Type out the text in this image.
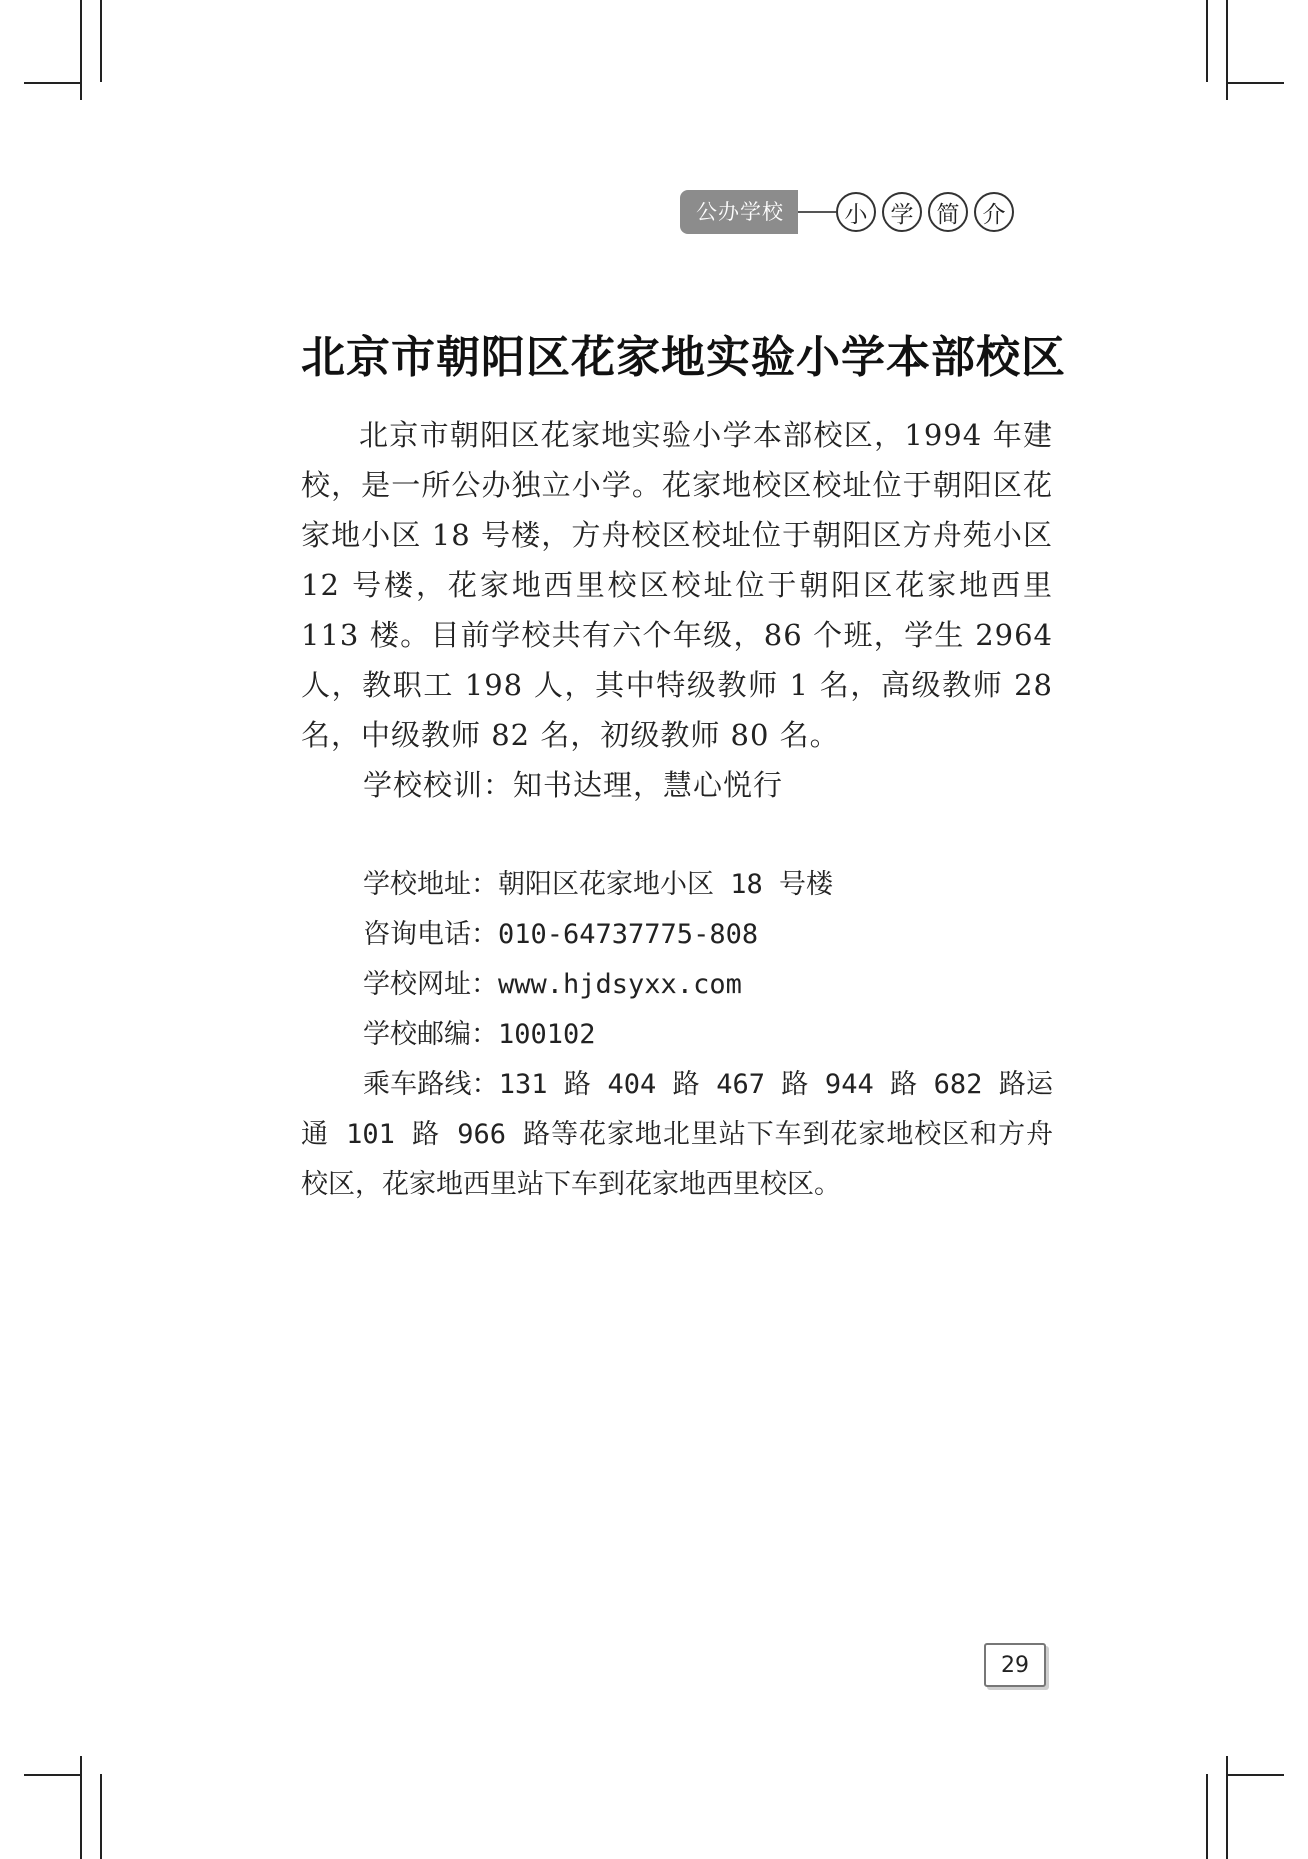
公办学校	小	学	简	介
北京市朝阳区花家地实验小学本部校区
北京市朝阳区花家地实验小学本部校区，1994 年建校，是一所公办独立小学。花家地校区校址位于朝阳区花家地小区 18 号楼，方舟校区校址位于朝阳区方舟苑小区 12 号楼，花家地西里校区校址位于朝阳区花家地西里 113 楼。目前学校共有六个年级，86 个班，学生 2964 人，教职工 198 人，其中特级教师 1 名，高级教师 28 名，中级教师 82 名，初级教师 80 名。
学校校训：知书达理，慧心悦行
学校地址：朝阳区花家地小区 18 号楼
咨询电话：010-64737775-808
学校网址：www.hjdsyxx.com
学校邮编：100102
乘车路线：131 路 404 路 467 路 944 路 682 路运通 101 路 966 路等花家地北里站下车到花家地校区和方舟校区，花家地西里站下车到花家地西里校区。
29
